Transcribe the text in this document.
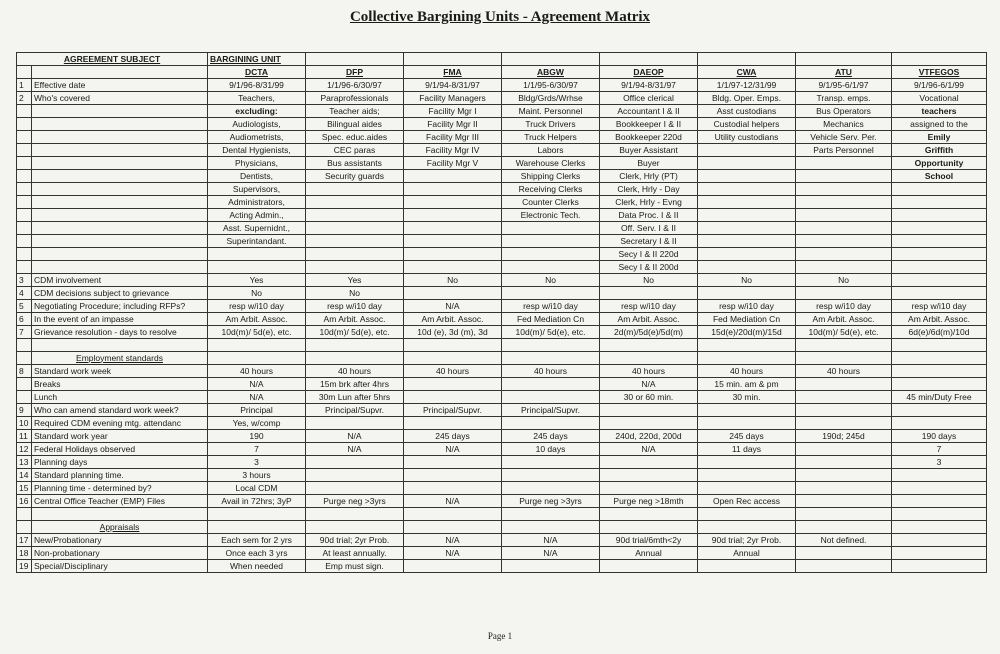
Collective Bargining Units - Agreement Matrix
AGREEMENT SUBJECT		BARGINING UNIT							
		DCTA	DFP	FMA	ABGW	DAEOP	CWA	ATU	VTFEGOS
1	Effective date	9/1/96-8/31/99	1/1/96-6/30/97	9/1/94-8/31/97	1/1/95-6/30/97	9/1/94-8/31/97	1/1/97-12/31/99	9/1/95-6/1/97	9/1/96-6/1/99
2	Who's covered	Teachers,	Paraprofessionals	Facility Managers	Bldg/Grds/Wrhse	Office clerical	Bldg. Oper. Emps.	Transp. emps.	Vocational
		excluding:	Teacher aids;	Facility Mgr I	Maint. Personnel	Accountant I & II	Asst custodians	Bus Operators	teachers
		Audiologists,	Bilingual aides	Facility Mgr II	Truck Drivers	Bookkeeper I & II	Custodial helpers	Mechanics	assigned to the
		Audiometrists,	Spec. educ.aides	Facility Mgr III	Truck Helpers	Bookkeeper 220d	Utility custodians	Vehicle Serv. Per.	Emily
		Dental Hygienists,	CEC paras	Facility Mgr IV	Labors	Buyer Assistant		Parts Personnel	Griffith
		Physicians,	Bus assistants	Facility Mgr V	Warehouse Clerks	Buyer			Opportunity
		Dentists,	Security guards		Shipping Clerks	Clerk, Hrly (PT)			School
		Supervisors,			Receiving Clerks	Clerk, Hrly - Day			
		Administrators,			Counter Clerks	Clerk, Hrly - Evng			
		Acting Admin.,			Electronic Tech.	Data Proc. I & II			
		Asst. Supernidnt.,				Off. Serv. I & II			
		Superintandant.				Secretary I & II			
						Secy I & II 220d			
						Secy I & II 200d			
3	CDM involvement	Yes	Yes	No	No	No	No	No	
4	CDM decisions subject to grievance	No	No						
5	Negotiating Procedure; including RFPs?	resp w/i10 day	resp w/i10 day	N/A	resp w/i10 day	resp w/i10 day	resp w/i10 day	resp w/i10 day	resp w/i10 day
6	In the event of an impasse	Am Arbit. Assoc.	Am Arbit. Assoc.	Am Arbit. Assoc.	Fed Mediation Cn	Am Arbit. Assoc.	Fed Mediation Cn	Am Arbit. Assoc.	Am Arbit. Assoc.
7	Grievance resolution - days to resolve	10d(m)/ 5d(e), etc.	10d(m)/ 5d(e), etc.	10d (e), 3d (m), 3d	10d(m)/ 5d(e), etc.	2d(m)/5d(e)/5d(m)	15d(e)/20d(m)/15d	10d(m)/ 5d(e), etc.	6d(e)/6d(m)/10d

	Employment standards								
8	Standard work week	40 hours	40 hours	40 hours	40 hours	40 hours	40 hours	40 hours	
	Breaks	N/A	15m brk after 4hrs			N/A	15 min. am & pm		
	Lunch	N/A	30m Lun after 5hrs			30 or 60 min.	30 min.		45 min/Duty Free
9	Who can amend standard work week?	Principal	Principal/Supvr.	Principal/Supvr.	Principal/Supvr.				
10	Required CDM evening mtg. attendanc	Yes, w/comp							
11	Standard work year	190	N/A	245 days	245 days	240d, 220d, 200d	245 days	190d; 245d	190 days
12	Federal Holidays observed	7	N/A	N/A	10 days	N/A	11 days		7
13	Planning days	3							3
14	Standard planning time.	3 hours							
15	Planning time - determined by?	Local CDM							
16	Central Office Teacher (EMP) Files	Avail in 72hrs; 3yP	Purge neg >3yrs	N/A	Purge neg >3yrs	Purge neg >18mth	Open Rec access		

	Appraisals								
17	New/Probationary	Each sem for 2 yrs	90d trial; 2yr Prob.	N/A	N/A	90d trial/6mth<2y	90d trial; 2yr Prob.	Not defined.	
18	Non-probationary	Once each 3 yrs	At least annually.	N/A	N/A	Annual	Annual		
19	Special/Disciplinary	When needed	Emp must sign.						
Page 1
